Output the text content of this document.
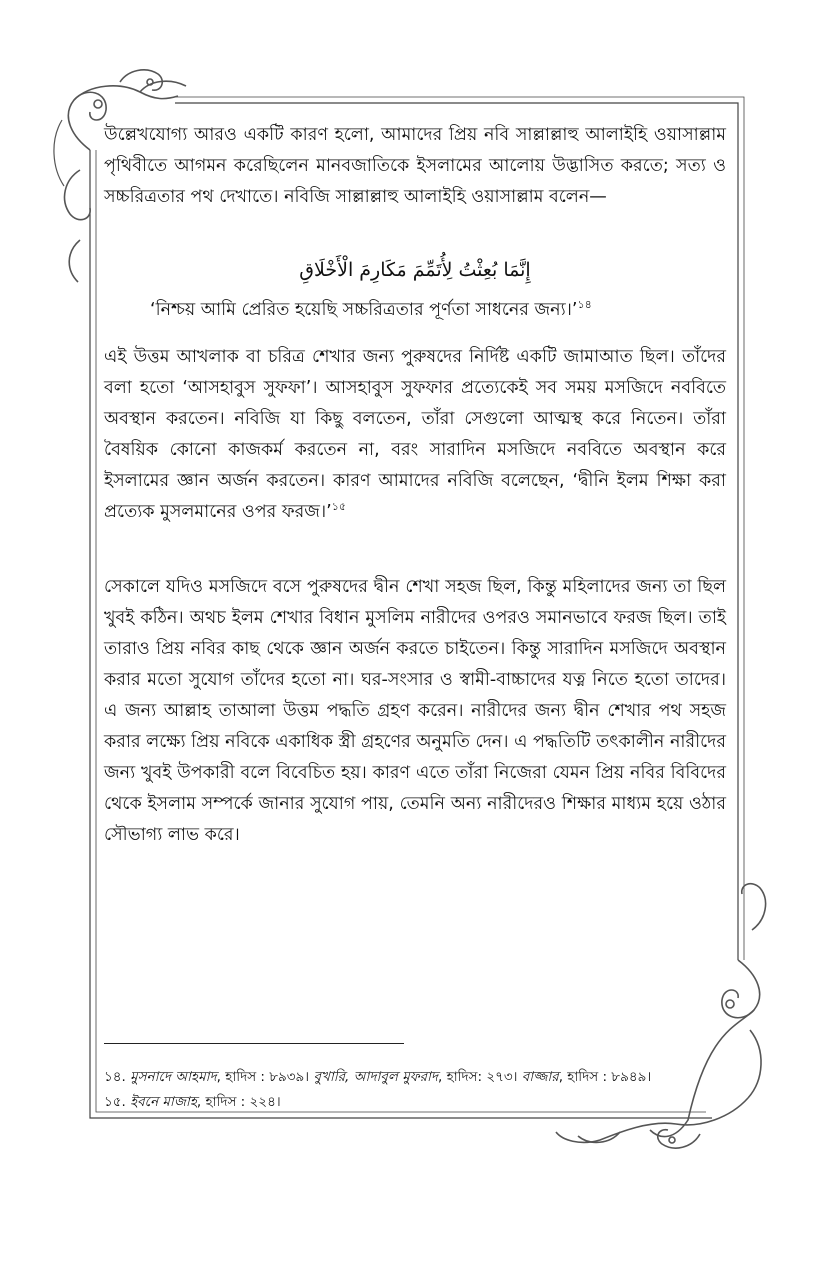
উল্লেখযোগ্য আরও একটি কারণ হলো, আমাদের প্রিয় নবি সাল্লাল্লাহু আলাইহি ওয়াসাল্লাম পৃথিবীতে আগমন করেছিলেন মানবজাতিকে ইসলামের আলোয় উদ্ভাসিত করতে; সত্য ও সচ্চরিত্রতার পথ দেখাতে। নবিজি সাল্লাল্লাহু আলাইহি ওয়াসাল্লাম বলেন—

إِنَّمَا بُعِثْتُ لِأُتَمِّمَ مَكَارِمَ الْأَخْلَاقِ
‘নিশ্চয় আমি প্রেরিত হয়েছি সচ্চরিত্রতার পূর্ণতা সাধনের জন্য।’$^{১৪}$

এই উত্তম আখলাক বা চরিত্র শেখার জন্য পুরুষদের নির্দিষ্ট একটি জামাআত ছিল। তাঁদের বলা হতো ‘আসহাবুস সুফফা’। আসহাবুস সুফফার প্রত্যেকেই সব সময় মসজিদে নববিতে অবস্থান করতেন। নবিজি যা কিছু বলতেন, তাঁরা সেগুলো আত্মস্থ করে নিতেন। তাঁরা বৈষয়িক কোনো কাজকর্ম করতেন না, বরং সারাদিন মসজিদে নববিতে অবস্থান করে ইসলামের জ্ঞান অর্জন করতেন। কারণ আমাদের নবিজি বলেছেন, ‘দ্বীনি ইলম শিক্ষা করা প্রত্যেক মুসলমানের ওপর ফরজ।’$^{১৫}$

সেকালে যদিও মসজিদে বসে পুরুষদের দ্বীন শেখা সহজ ছিল, কিন্তু মহিলাদের জন্য তা ছিল খুবই কঠিন। অথচ ইলম শেখার বিধান মুসলিম নারীদের ওপরও সমানভাবে ফরজ ছিল। তাই তারাও প্রিয় নবির কাছ থেকে জ্ঞান অর্জন করতে চাইতেন। কিন্তু সারাদিন মসজিদে অবস্থান করার মতো সুযোগ তাঁদের হতো না। ঘর-সংসার ও স্বামী-বাচ্চাদের যত্ন নিতে হতো তাদের। এ জন্য আল্লাহ তাআলা উত্তম পদ্ধতি গ্রহণ করেন। নারীদের জন্য দ্বীন শেখার পথ সহজ করার লক্ষ্যে প্রিয় নবিকে একাধিক স্ত্রী গ্রহণের অনুমতি দেন। এ পদ্ধতিটি তৎকালীন নারীদের জন্য খুবই উপকারী বলে বিবেচিত হয়। কারণ এতে তাঁরা নিজেরা যেমন প্রিয় নবির বিবিদের থেকে ইসলাম সম্পর্কে জানার সুযোগ পায়, তেমনি অন্য নারীদেরও শিক্ষার মাধ্যম হয়ে ওঠার সৌভাগ্য লাভ করে।

১৪. মুসনাদে আহমাদ, হাদিস : ৮৯৩৯। বুখারি, আদাবুল মুফরাদ, হাদিস: ২৭৩। বাজ্জার, হাদিস : ৮৯৪৯।
১৫. ইবনে মাজাহ, হাদিস : ২২৪।
